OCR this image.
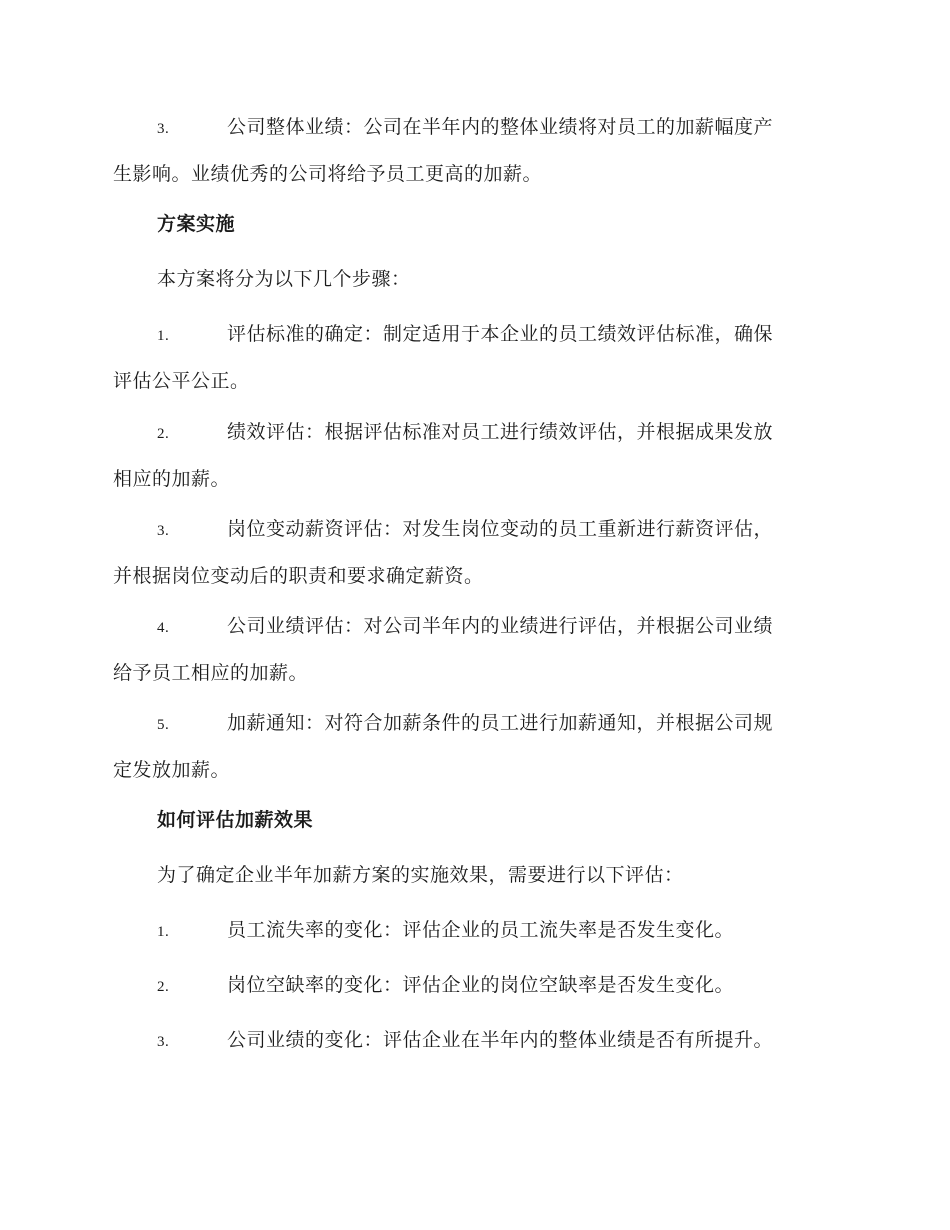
3.	公司整体业绩：公司在半年内的整体业绩将对员工的加薪幅度产
生影响。业绩优秀的公司将给予员工更高的加薪。
方案实施
本方案将分为以下几个步骤：
1.	评估标准的确定：制定适用于本企业的员工绩效评估标准，确保
评估公平公正。
2.	绩效评估：根据评估标准对员工进行绩效评估，并根据成果发放
相应的加薪。
3.	岗位变动薪资评估：对发生岗位变动的员工重新进行薪资评估，
并根据岗位变动后的职责和要求确定薪资。
4.	公司业绩评估：对公司半年内的业绩进行评估，并根据公司业绩
给予员工相应的加薪。
5.	加薪通知：对符合加薪条件的员工进行加薪通知，并根据公司规
定发放加薪。
如何评估加薪效果
为了确定企业半年加薪方案的实施效果，需要进行以下评估：
1.	员工流失率的变化：评估企业的员工流失率是否发生变化。
2.	岗位空缺率的变化：评估企业的岗位空缺率是否发生变化。
3.	公司业绩的变化：评估企业在半年内的整体业绩是否有所提升。
